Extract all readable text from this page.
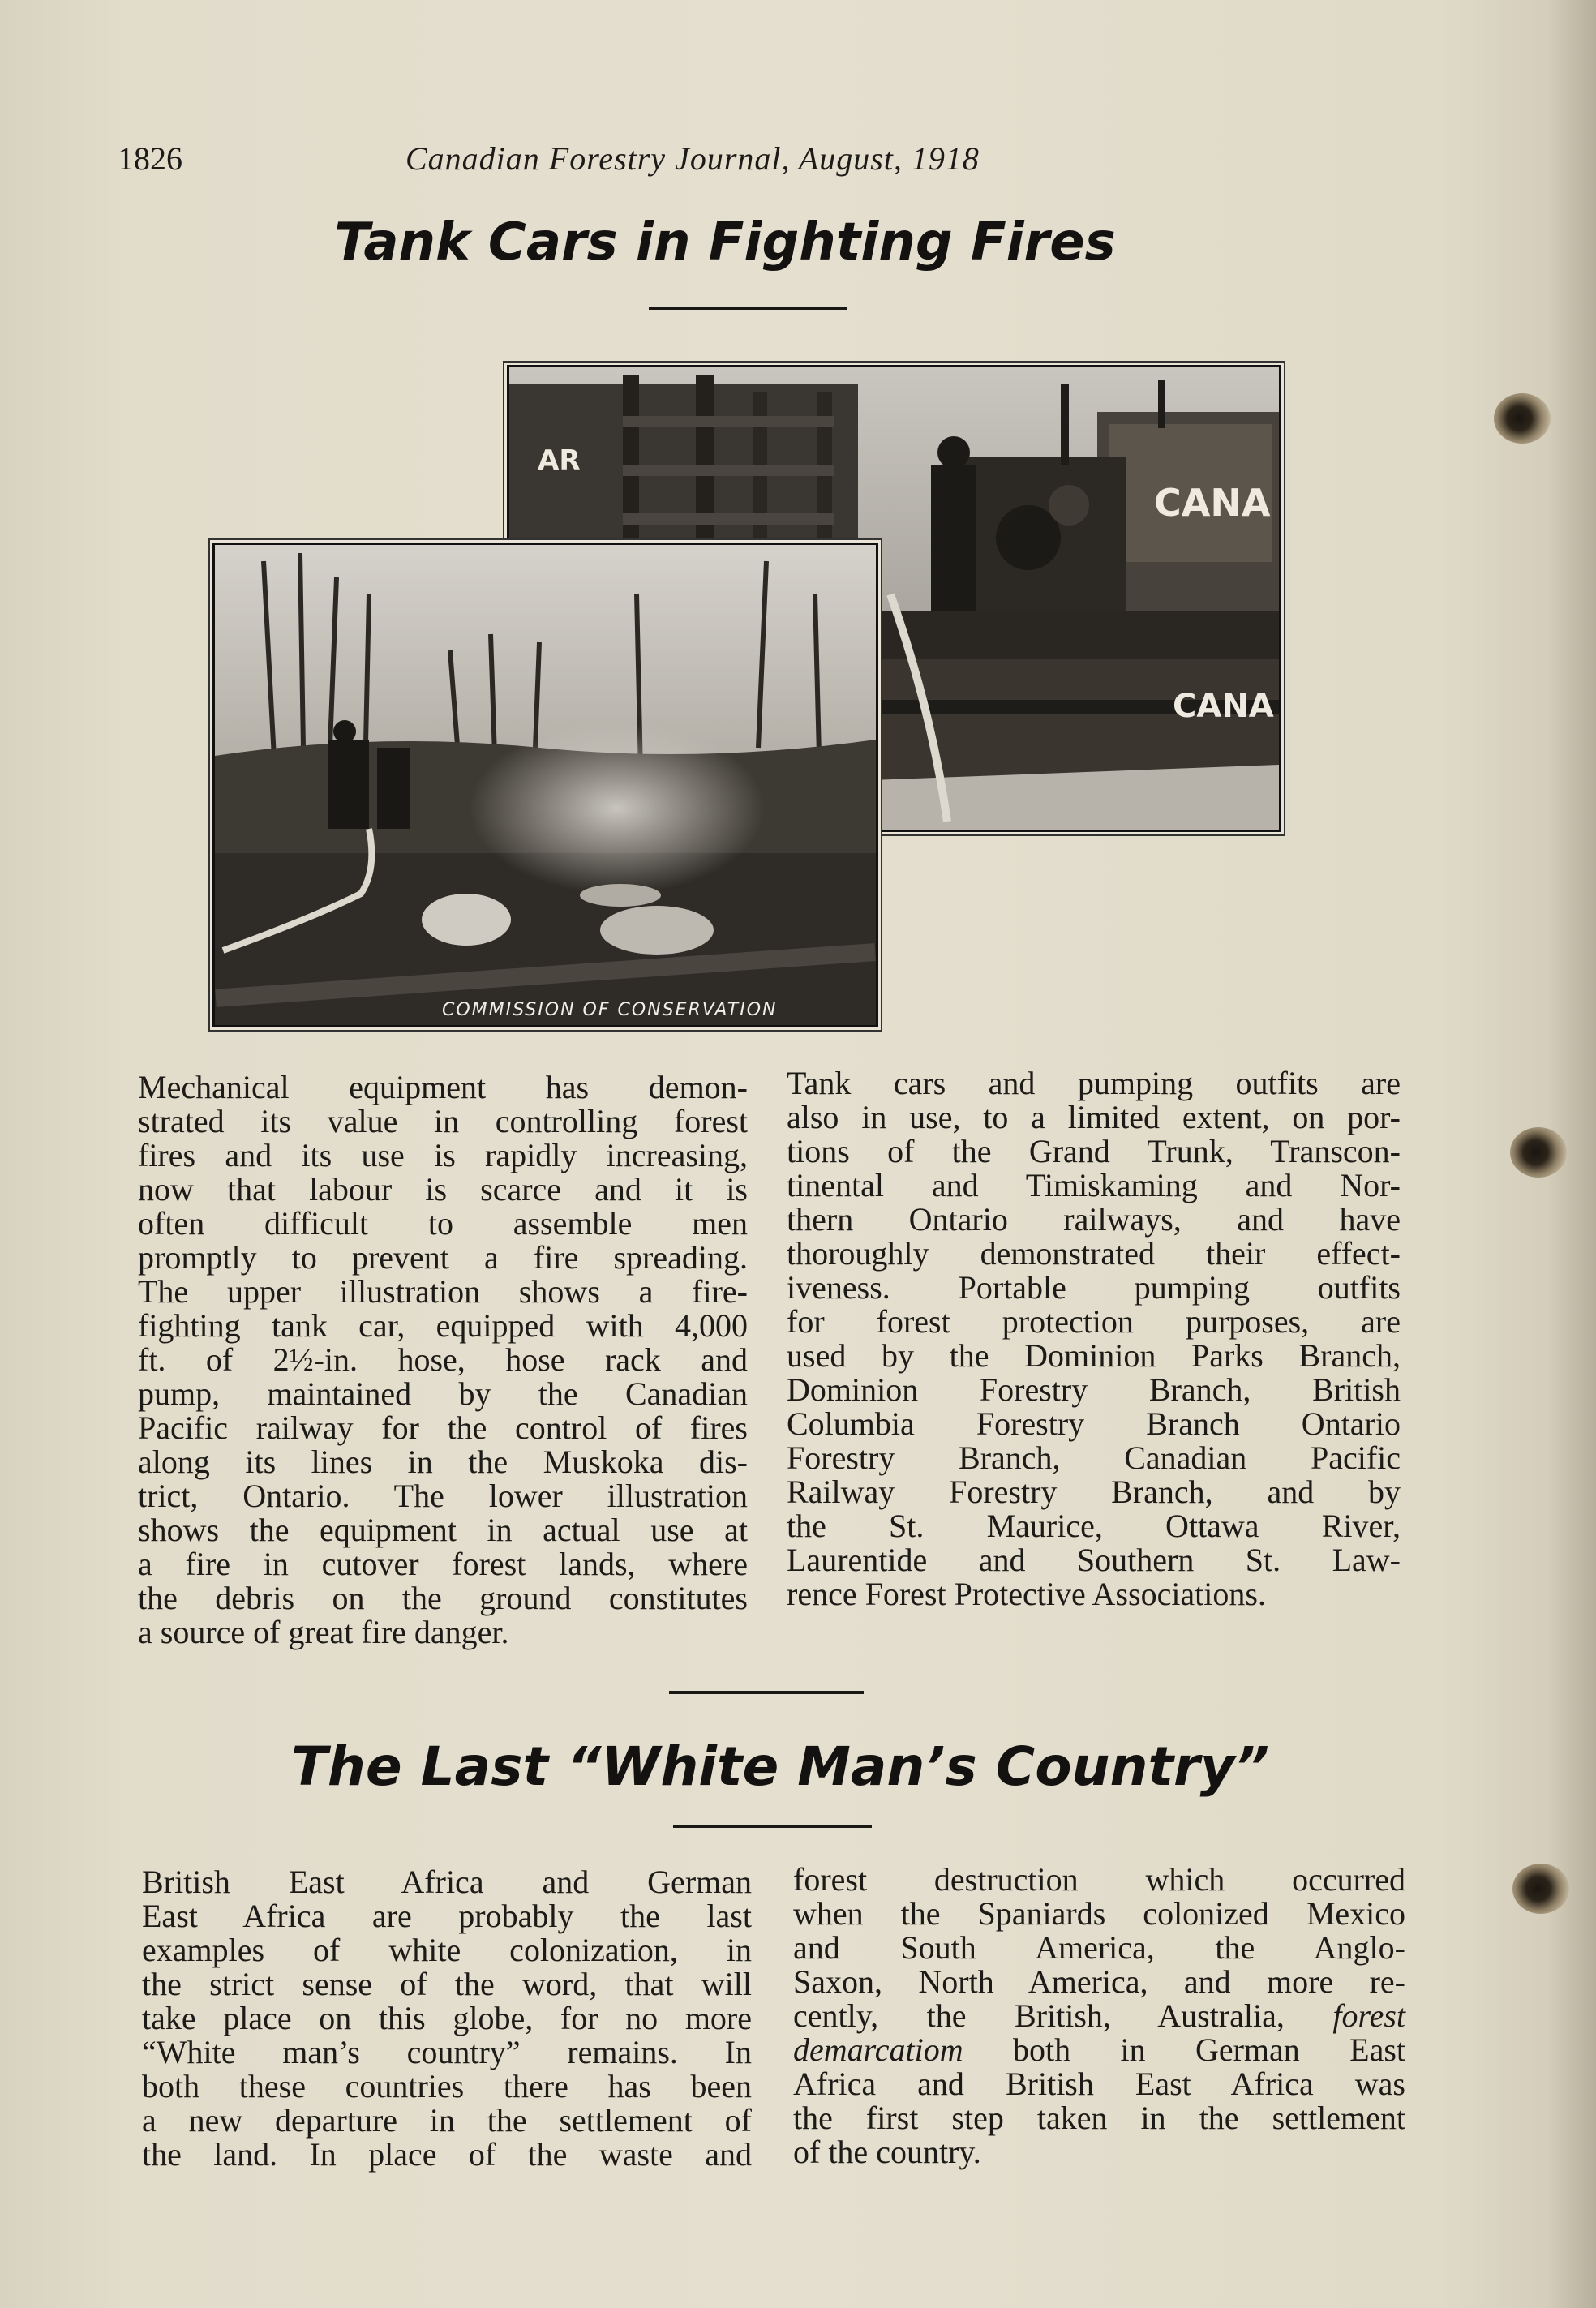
1826	Canadian Forestry Journal, August, 1918
Tank Cars in Fighting Fires
AR
CANA
CANA
COMMISSION OF CONSERVATION

Mechanical equipment has demon-

strated its value in controlling forest

fires and its use is rapidly increasing,

now that labour is scarce and it is

often difficult to assemble men

promptly to prevent a fire spreading.

The upper illustration shows a fire-

fighting tank car, equipped with 4,000

ft. of 2½-in. hose, hose rack and

pump, maintained by the Canadian

Pacific railway for the control of fires

along its lines in the Muskoka dis-

trict, Ontario. The lower illustration

shows the equipment in actual use at

a fire in cutover forest lands, where

the debris on the ground constitutes

a source of great fire danger.

Tank cars and pumping outfits are

also in use, to a limited extent, on por-

tions of the Grand Trunk, Transcon-

tinental and Timiskaming and Nor-

thern Ontario railways, and have

thoroughly demonstrated their effect-

iveness. Portable pumping outfits

for forest protection purposes, are

used by the Dominion Parks Branch,

Dominion Forestry Branch, British

Columbia Forestry Branch Ontario

Forestry Branch, Canadian Pacific

Railway Forestry Branch, and by

the St. Maurice, Ottawa River,

Laurentide and Southern St. Law-

rence Forest Protective Associations.

The Last “White Man’s Country”

British East Africa and German

East Africa are probably the last

examples of white colonization, in

the strict sense of the word, that will

take place on this globe, for no more

“White man’s country” remains. In

both these countries there has been

a new departure in the settlement of

the land. In place of the waste and

forest destruction which occurred

when the Spaniards colonized Mexico

and South America, the Anglo-

Saxon, North America, and more re-

cently, the British, Australia, forest

demarcatiom both in German East

Africa and British East Africa was

the first step taken in the settlement

of the country.
